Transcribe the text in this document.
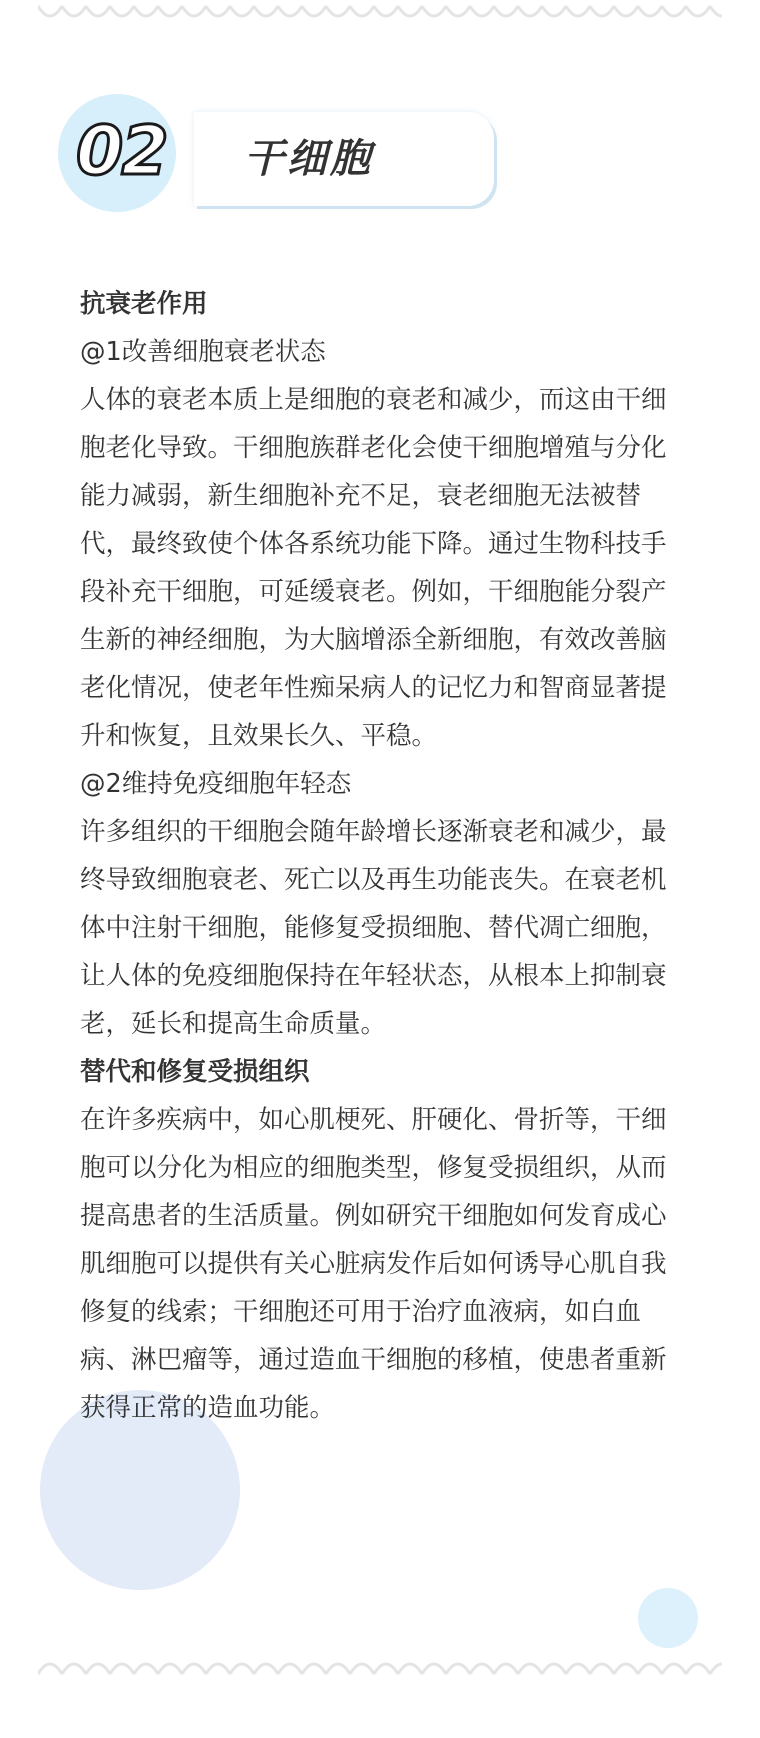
干细胞
02

抗衰老作用

@1改善细胞衰老状态

人体的衰老本质上是细胞的衰老和减少，而这由干细胞老化导致。干细胞族群老化会使干细胞增殖与分化能力减弱，新生细胞补充不足，衰老细胞无法被替代，最终致使个体各系统功能下降。通过生物科技手段补充干细胞，可延缓衰老。例如，干细胞能分裂产生新的神经细胞，为大脑增添全新细胞，有效改善脑老化情况，使老年性痴呆病人的记忆力和智商显著提升和恢复，且效果长久、平稳。

@2维持免疫细胞年轻态

许多组织的干细胞会随年龄增长逐渐衰老和减少，最终导致细胞衰老、死亡以及再生功能丧失。在衰老机体中注射干细胞，能修复受损细胞、替代凋亡细胞，让人体的免疫细胞保持在年轻状态，从根本上抑制衰老，延长和提高生命质量。

替代和修复受损组织

在许多疾病中，如心肌梗死、肝硬化、骨折等，干细胞可以分化为相应的细胞类型，修复受损组织，从而提高患者的生活质量。例如研究干细胞如何发育成心肌细胞可以提供有关心脏病发作后如何诱导心肌自我修复的线索；干细胞还可用于治疗血液病，如白血病、淋巴瘤等，通过造血干细胞的移植，使患者重新获得正常的造血功能。
